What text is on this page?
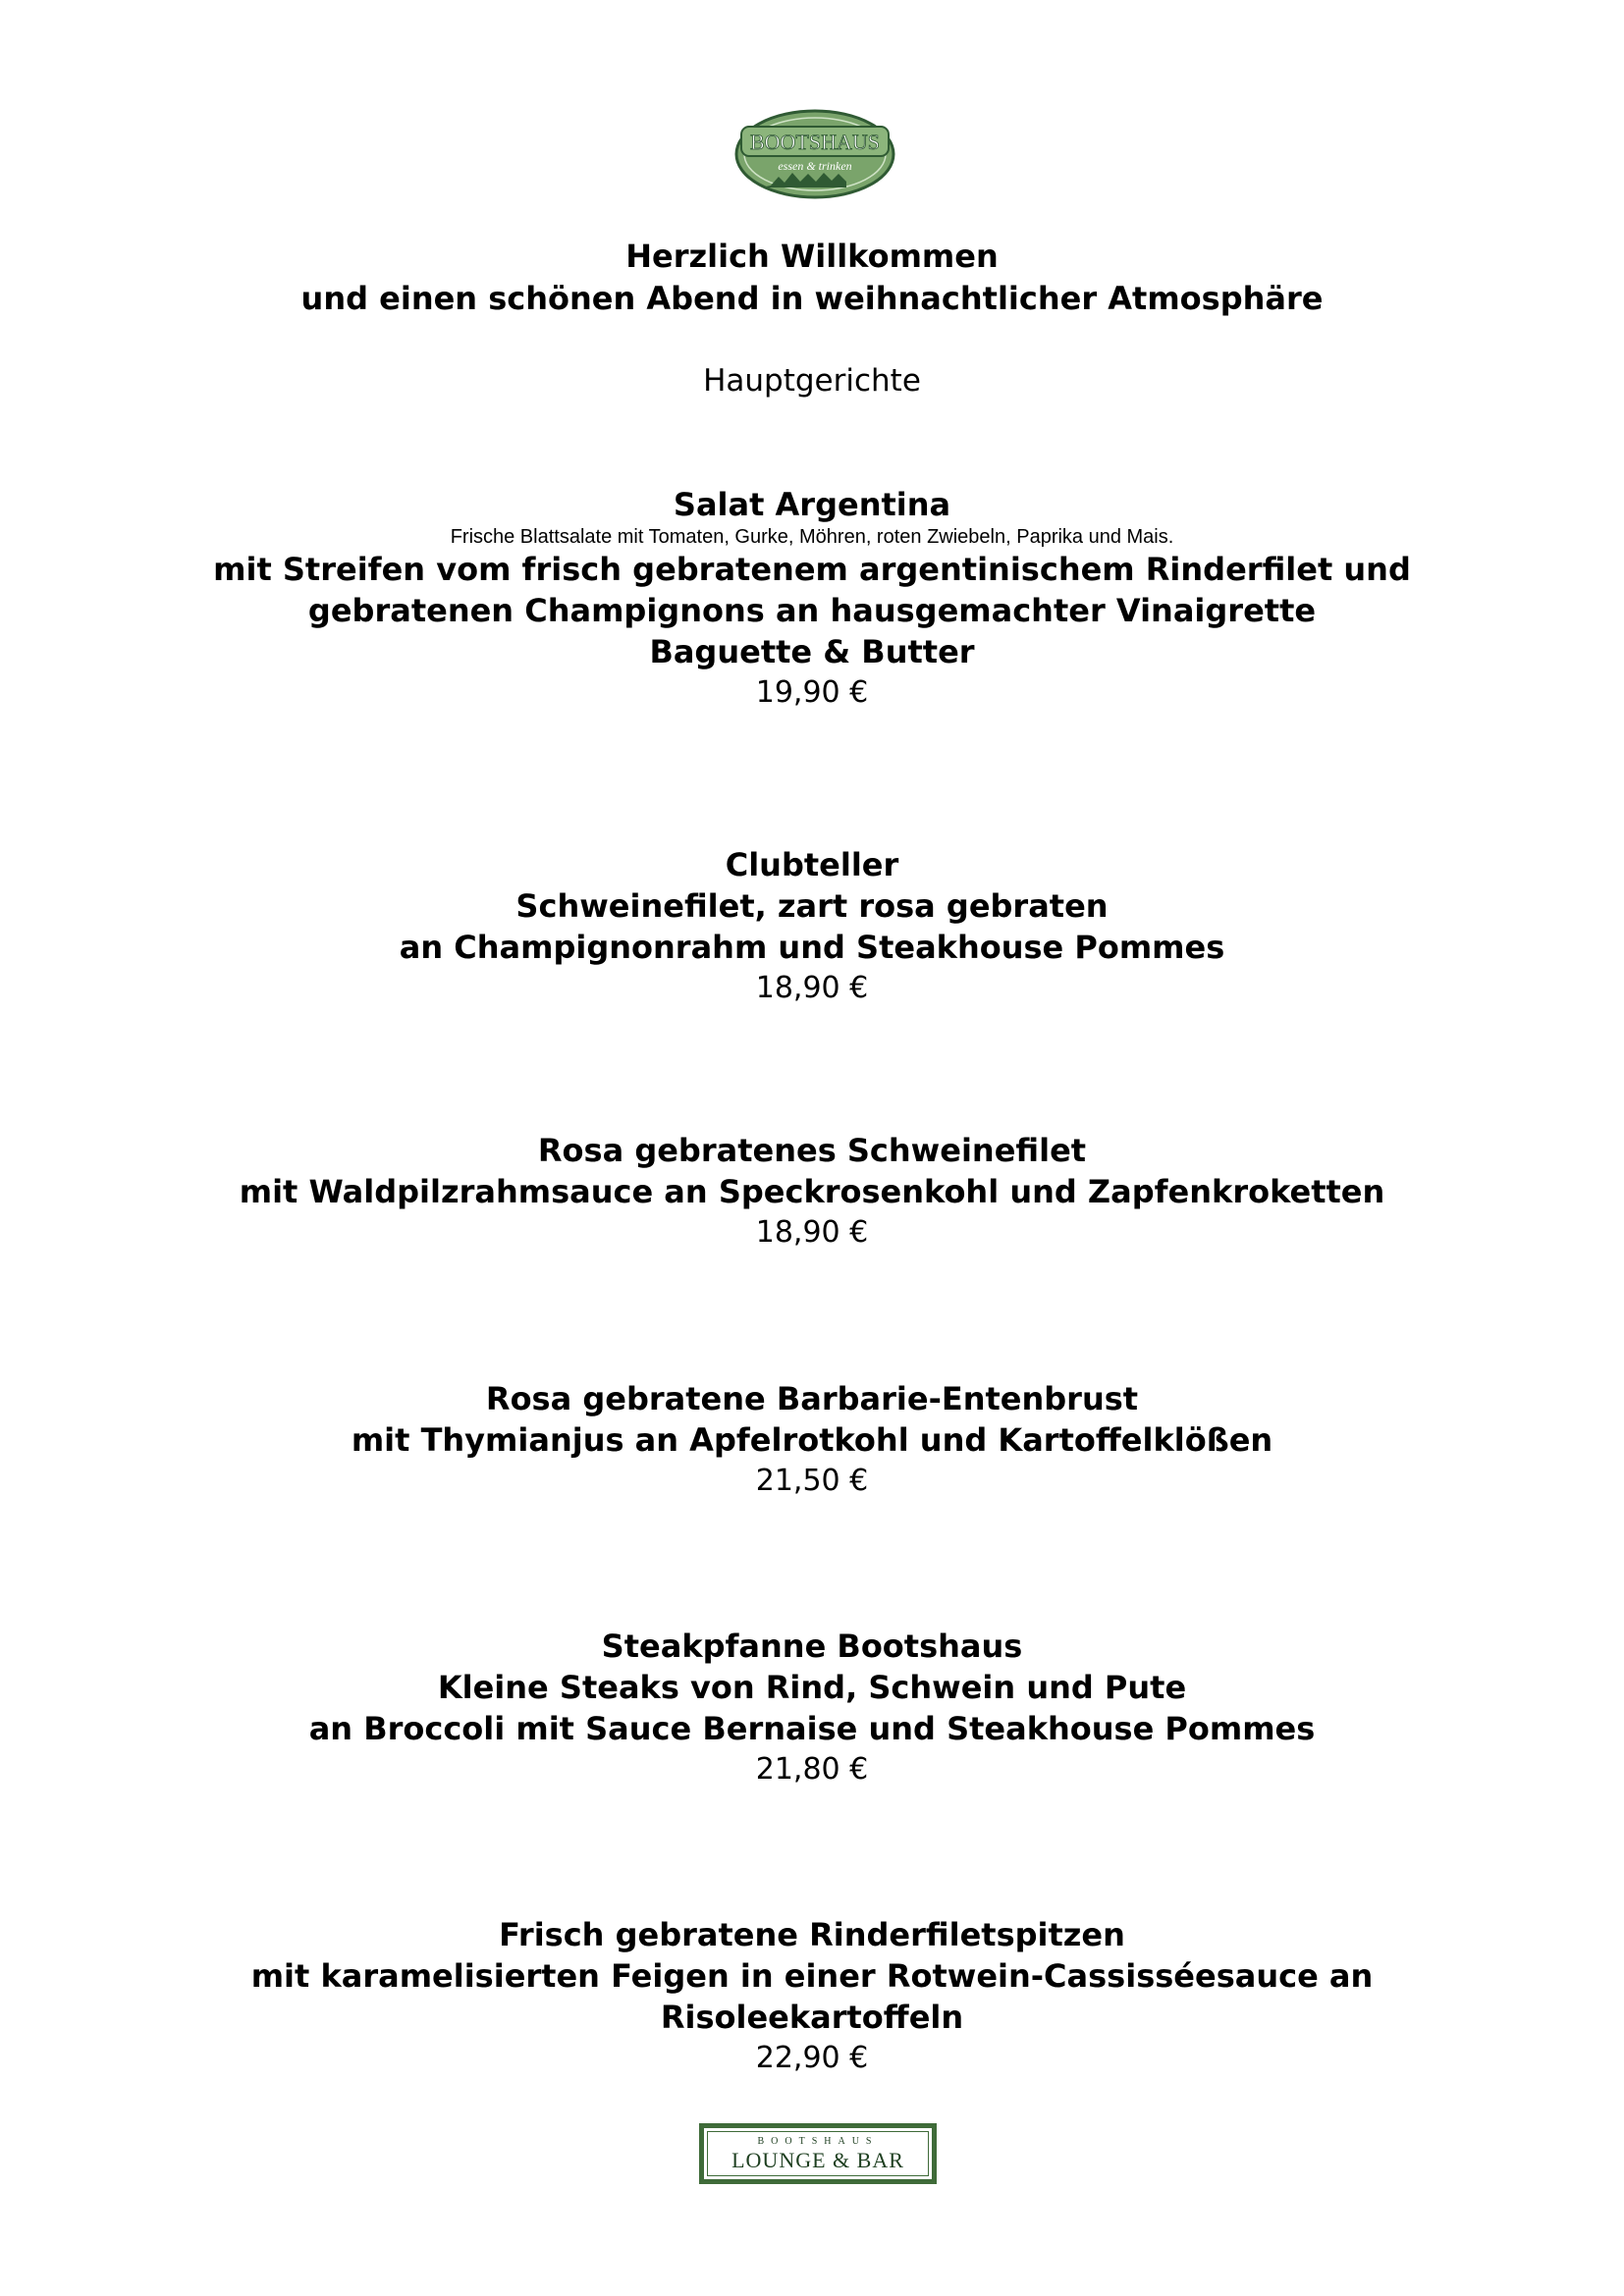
BOOTSHAUS
essen & trinken
Herzlich Willkommen
und einen schönen Abend in weihnachtlicher Atmosphäre
Hauptgerichte
Salat Argentina
Frische Blattsalate mit Tomaten, Gurke, Möhren, roten Zwiebeln, Paprika und Mais.
mit Streifen vom frisch gebratenem argentinischem Rinderfilet und
gebratenen Champignons an hausgemachter Vinaigrette
Baguette & Butter
19,90 €
Clubteller
Schweinefilet, zart rosa gebraten
an Champignonrahm und Steakhouse Pommes
18,90 €
Rosa gebratenes Schweinefilet
mit Waldpilzrahmsauce an Speckrosenkohl und Zapfenkroketten
18,90 €
Rosa gebratene Barbarie-Entenbrust
mit Thymianjus an Apfelrotkohl und Kartoffelklößen
21,50 €
Steakpfanne Bootshaus
Kleine Steaks von Rind, Schwein und Pute
an Broccoli mit Sauce Bernaise und Steakhouse Pommes
21,80 €
Frisch gebratene Rinderfiletspitzen
mit karamelisierten Feigen in einer Rotwein-Cassisséesauce an
Risoleekartoffeln
22,90 €
BOOTSHAUS
LOUNGE & BAR
